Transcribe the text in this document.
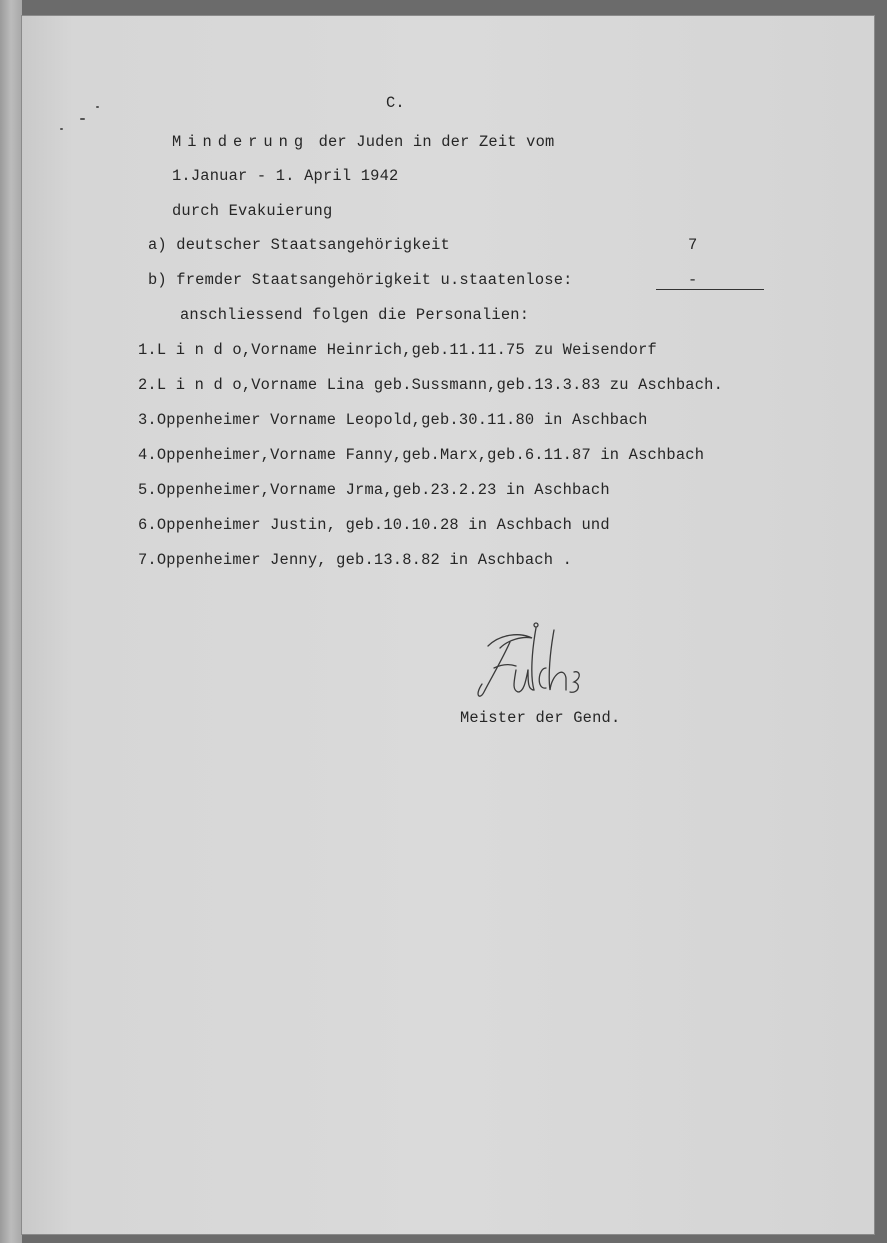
C.
Minderung der Juden in der Zeit vom
1.Januar - 1. April 1942
durch Evakuierung
a) deutscher Staatsangehörigkeit	7
b) fremder Staatsangehörigkeit u.staatenlose:	-
anschliessend folgen die Personalien:
1.L i n d o,Vorname Heinrich,geb.11.11.75 zu Weisendorf
2.L i n d o,Vorname Lina geb.Sussmann,geb.13.3.83 zu Aschbach.
3.Oppenheimer Vorname Leopold,geb.30.11.80 in Aschbach
4.Oppenheimer,Vorname Fanny,geb.Marx,geb.6.11.87 in Aschbach
5.Oppenheimer,Vorname Jrma,geb.23.2.23 in Aschbach
6.Oppenheimer Justin, geb.10.10.28 in Aschbach und
7.Oppenheimer Jenny, geb.13.8.82 in Aschbach .
Meister der Gend.
